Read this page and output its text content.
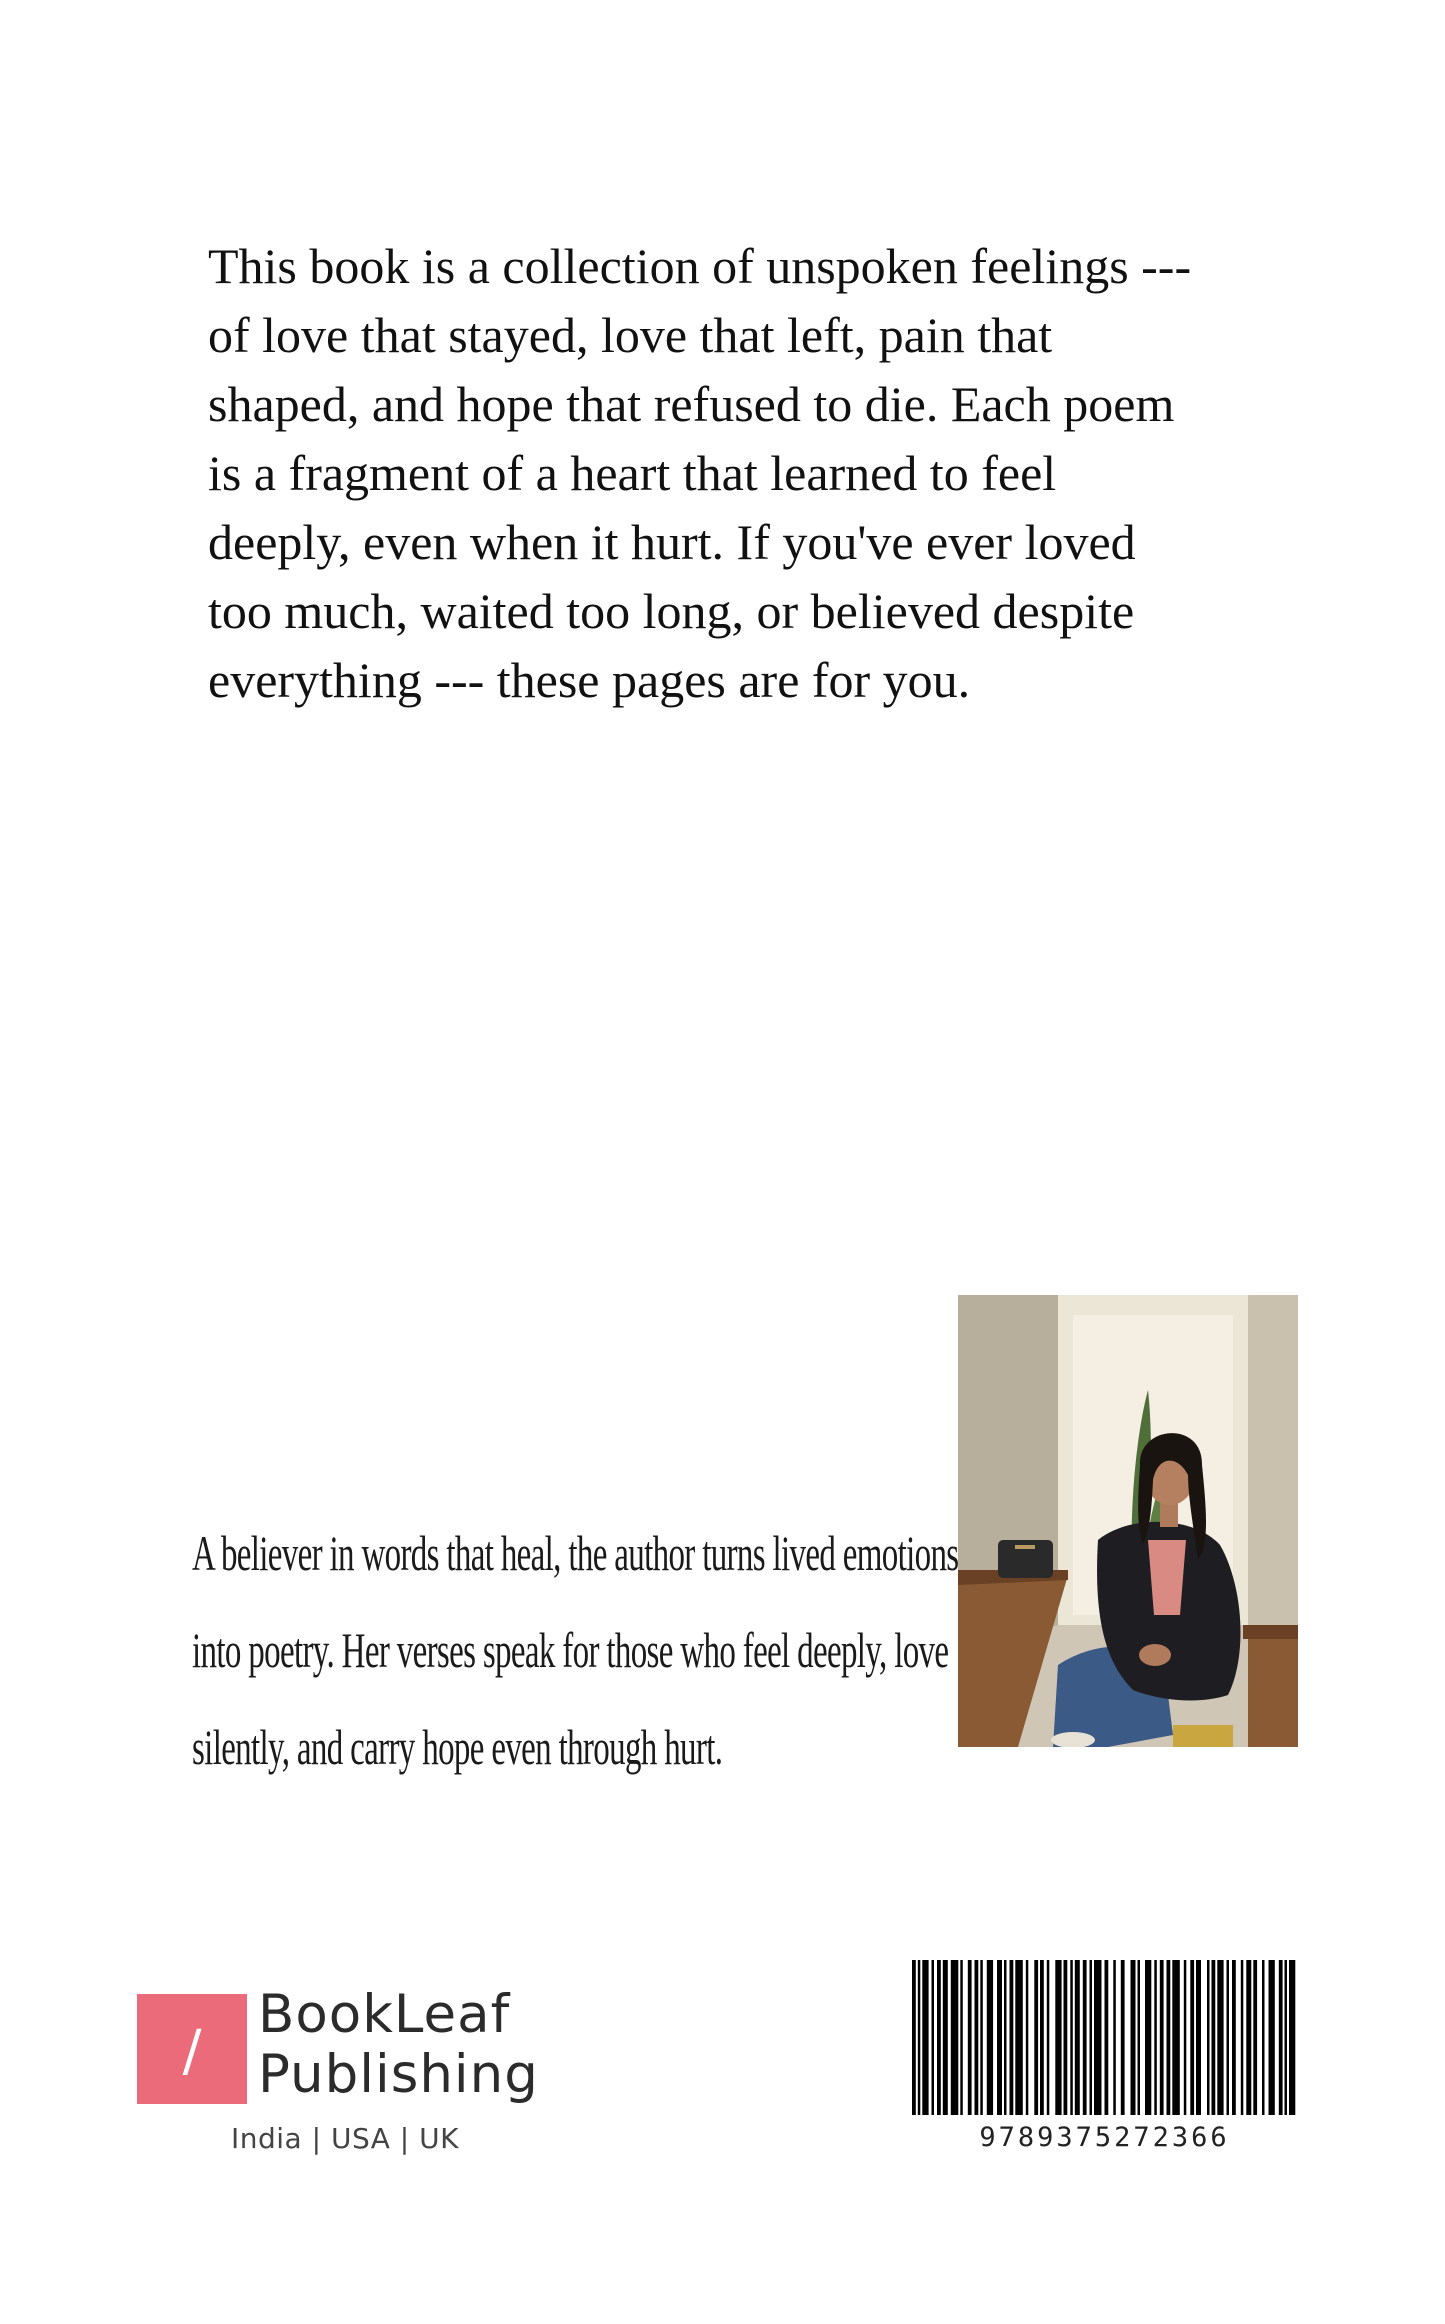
This book is a collection of unspoken feelings ---
of love that stayed, love that left, pain that
shaped, and hope that refused to die. Each poem
is a fragment of a heart that learned to feel
deeply, even when it hurt. If you've ever loved
too much, waited too long, or believed despite
everything --- these pages are for you.
A believer in words that heal, the author turns lived emotions
into poetry. Her verses speak for those who feel deeply, love
silently, and carry hope even through hurt.
/
BookLeaf
Publishing
India | USA | UK	9789375272366
